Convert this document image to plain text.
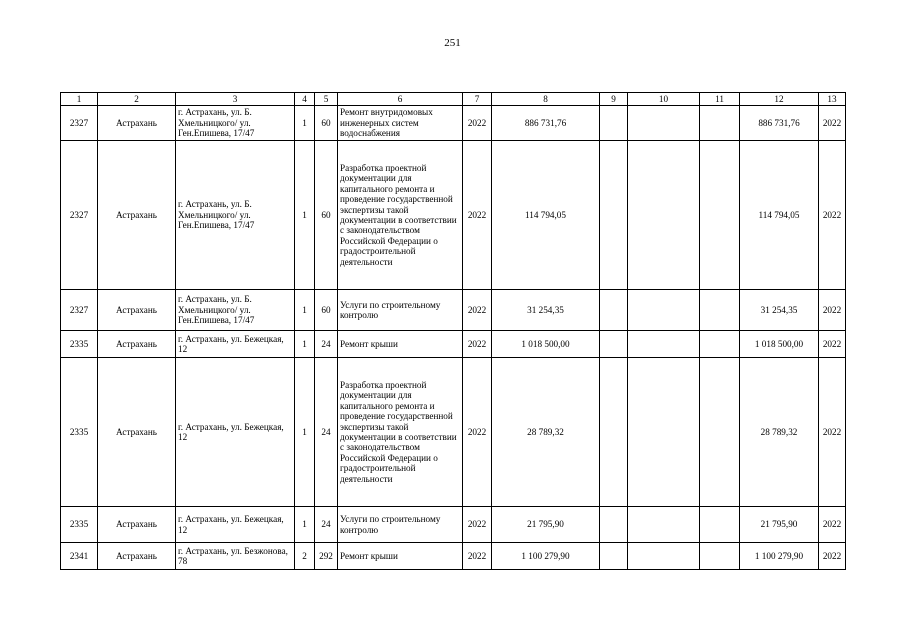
251
1	2	3	4	5	6	7	8	9	10	11	12	13
2327	Астрахань	г. Астрахань, ул. Б. Хмельницкого/ ул. Ген.Епишева, 17/47	1	60	Ремонт внутридомовых инженерных систем водоснабжения	2022	886 731,76				886 731,76	2022
2327	Астрахань	г. Астрахань, ул. Б. Хмельницкого/ ул. Ген.Епишева, 17/47	1	60	Разработка проектной документации для капитального ремонта и проведение государственной экспертизы такой документации в соответствии с законодательством Российской Федерации о градостроительной деятельности	2022	114 794,05				114 794,05	2022
2327	Астрахань	г. Астрахань, ул. Б. Хмельницкого/ ул. Ген.Епишева, 17/47	1	60	Услуги по строительному контролю	2022	31 254,35				31 254,35	2022
2335	Астрахань	г. Астрахань, ул. Бежецкая, 12	1	24	Ремонт крыши	2022	1 018 500,00				1 018 500,00	2022
2335	Астрахань	г. Астрахань, ул. Бежецкая, 12	1	24	Разработка проектной документации для капитального ремонта и проведение государственной экспертизы такой документации в соответствии с законодательством Российской Федерации о градостроительной деятельности	2022	28 789,32				28 789,32	2022
2335	Астрахань	г. Астрахань, ул. Бежецкая, 12	1	24	Услуги по строительному контролю	2022	21 795,90				21 795,90	2022
2341	Астрахань	г. Астрахань, ул. Безжонова, 78	2	292	Ремонт крыши	2022	1 100 279,90				1 100 279,90	2022
